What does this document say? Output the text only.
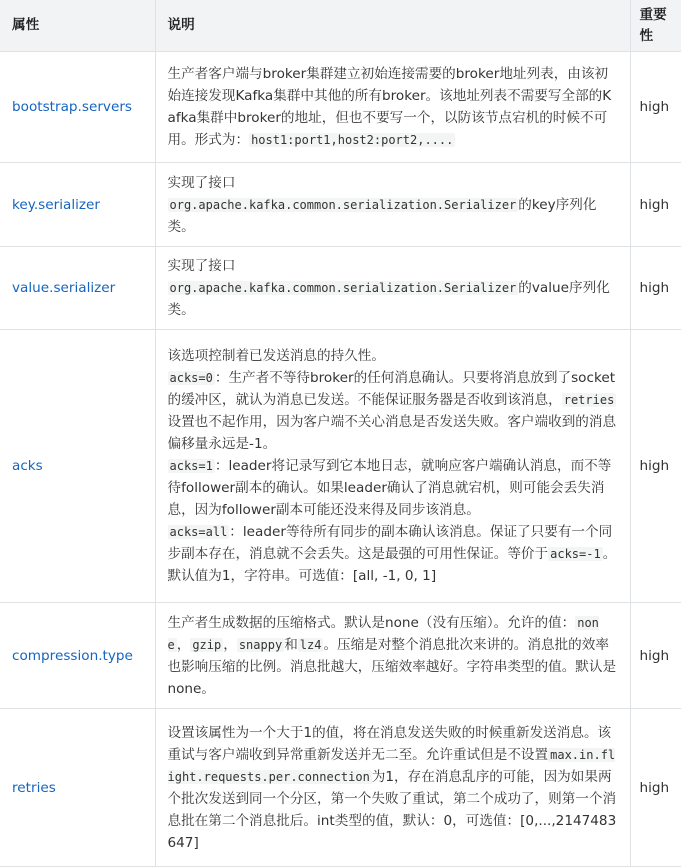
属性	说明	重要
性

bootstrap.servers	生产者客户端与broker集群建立初始连接需要的broker地址列表，由该初始连接发现Kafka集群中其他的所有broker。该地址列表不需要写全部的Kafka集群中broker的地址，但也不要写一个，以防该节点宕机的时候不可用。形式为： host1:port1,host2:port2,....	high
key.serializer	实现了接口
org.apache.kafka.common.serialization.Serializer 的key序列化类。	high
value.serializer	实现了接口
org.apache.kafka.common.serialization.Serializer 的value序列化类。	high
acks	该选项控制着已发送消息的持久性。
acks=0 ：生产者不等待broker的任何消息确认。只要将消息放到了socket的缓冲区，就认为消息已发送。不能保证服务器是否收到该消息， retries设置也不起作用，因为客户端不关心消息是否发送失败。客户端收到的消息偏移量永远是-1。
acks=1 ：leader将记录写到它本地日志，就响应客户端确认消息，而不等待follower副本的确认。如果leader确认了消息就宕机，则可能会丢失消息，因为follower副本可能还没来得及同步该消息。
acks=all ：leader等待所有同步的副本确认该消息。保证了只要有一个同步副本存在，消息就不会丢失。这是最强的可用性保证。等价于 acks=-1 。默认值为1，字符串。可选值：[all, -1, 0, 1]	high
compression.type	生产者生成数据的压缩格式。默认是none（没有压缩）。允许的值： none ， gzip ， snappy 和 lz4 。压缩是对整个消息批次来讲的。消息批的效率也影响压缩的比例。消息批越大，压缩效率越好。字符串类型的值。默认是none。	high
retries	设置该属性为一个大于1的值，将在消息发送失败的时候重新发送消息。该重试与客户端收到异常重新发送并无二至。允许重试但是不设置 max.in.flight.requests.per.connection 为1，存在消息乱序的可能，因为如果两个批次发送到同一个分区，第一个失败了重试，第二个成功了，则第一个消息批在第二个消息批后。int类型的值，默认：0，可选值：[0,...,2147483647]	high
